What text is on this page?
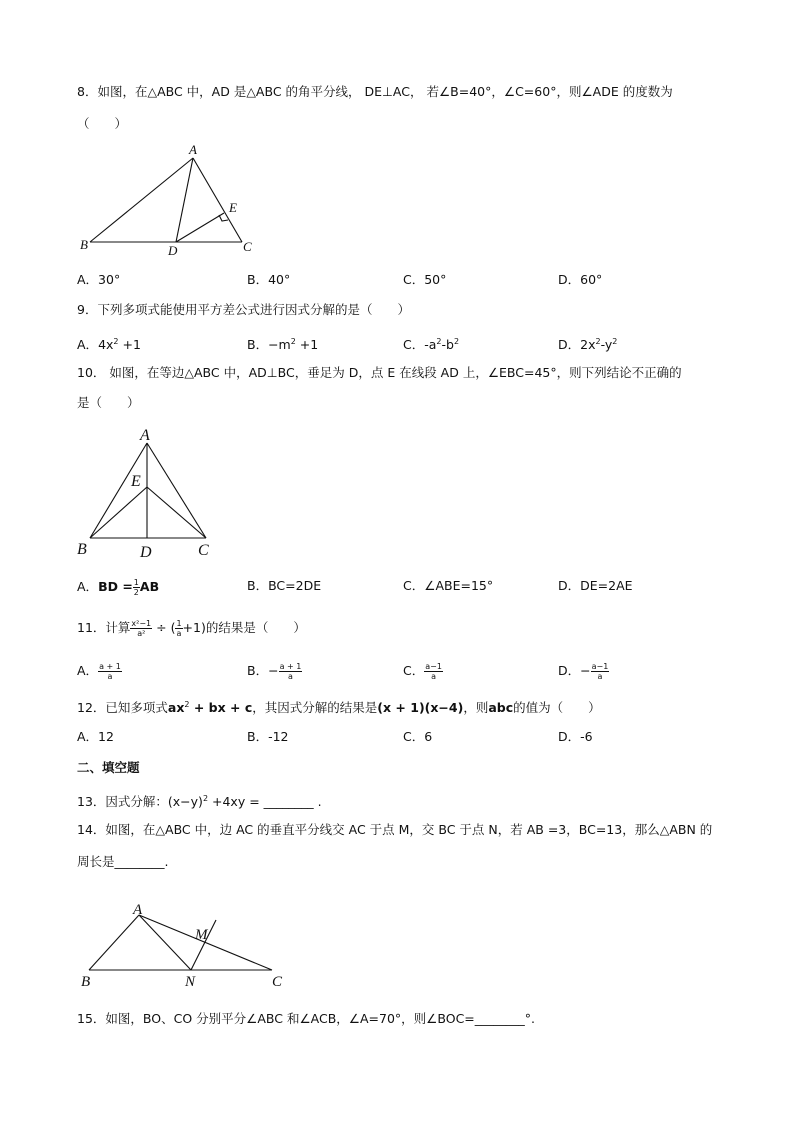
8．如图，在△ABC 中，AD 是△ABC 的角平分线， DE⊥AC， 若∠B=40°，∠C=60°，则∠ADE 的度数为
（　　）
A
B	C
D
E
A．30°	B．40°	C．50°	D．60°
9．下列多项式能使用平方差公式进行因式分解的是（　　）
A．$4x^2 +1$	B．$-m^2 +1$	C．$-a^2-b^2$	D．$2x^2-y^2$
10． 如图，在等边△ABC 中，AD⊥BC，垂足为 D，点 E 在线段 AD 上，∠EBC=45°，则下列结论不正确的
是（　　）
A
E
B	D	C
A．BD = $\frac{1}{2}$ AB	B．BC=2DE	C．∠ABE=15°	D．DE=2AE
11．计算 $\frac{\text{x²−1}}{\text{a²}}$ ÷ ( $\frac{1}{a} +1$)的结果是（　　）
A． $\frac{a + 1}{a}$	B．− $\frac{a + 1}{a}$	C． $\frac{a-1}{a}$	D．− $\frac{a-1}{a}$
12．已知多项式$ax^2$ + bx + c，其因式分解的结果是(x + 1)(x−4)，则abc的值为（　　）
A．12	B．-12	C．6	D．-6
二、填空题
13．因式分解：$(x-y)^2 +4xy$ = ________ .
14．如图，在△ABC 中，边 AC 的垂直平分线交 AC 于点 M，交 BC 于点 N，若 AB =3，BC=13，那么△ABN 的
周长是________.
A
M
B	N	C
15．如图，BO、CO 分别平分∠ABC 和∠ACB，∠A=70°，则∠BOC=________°.
